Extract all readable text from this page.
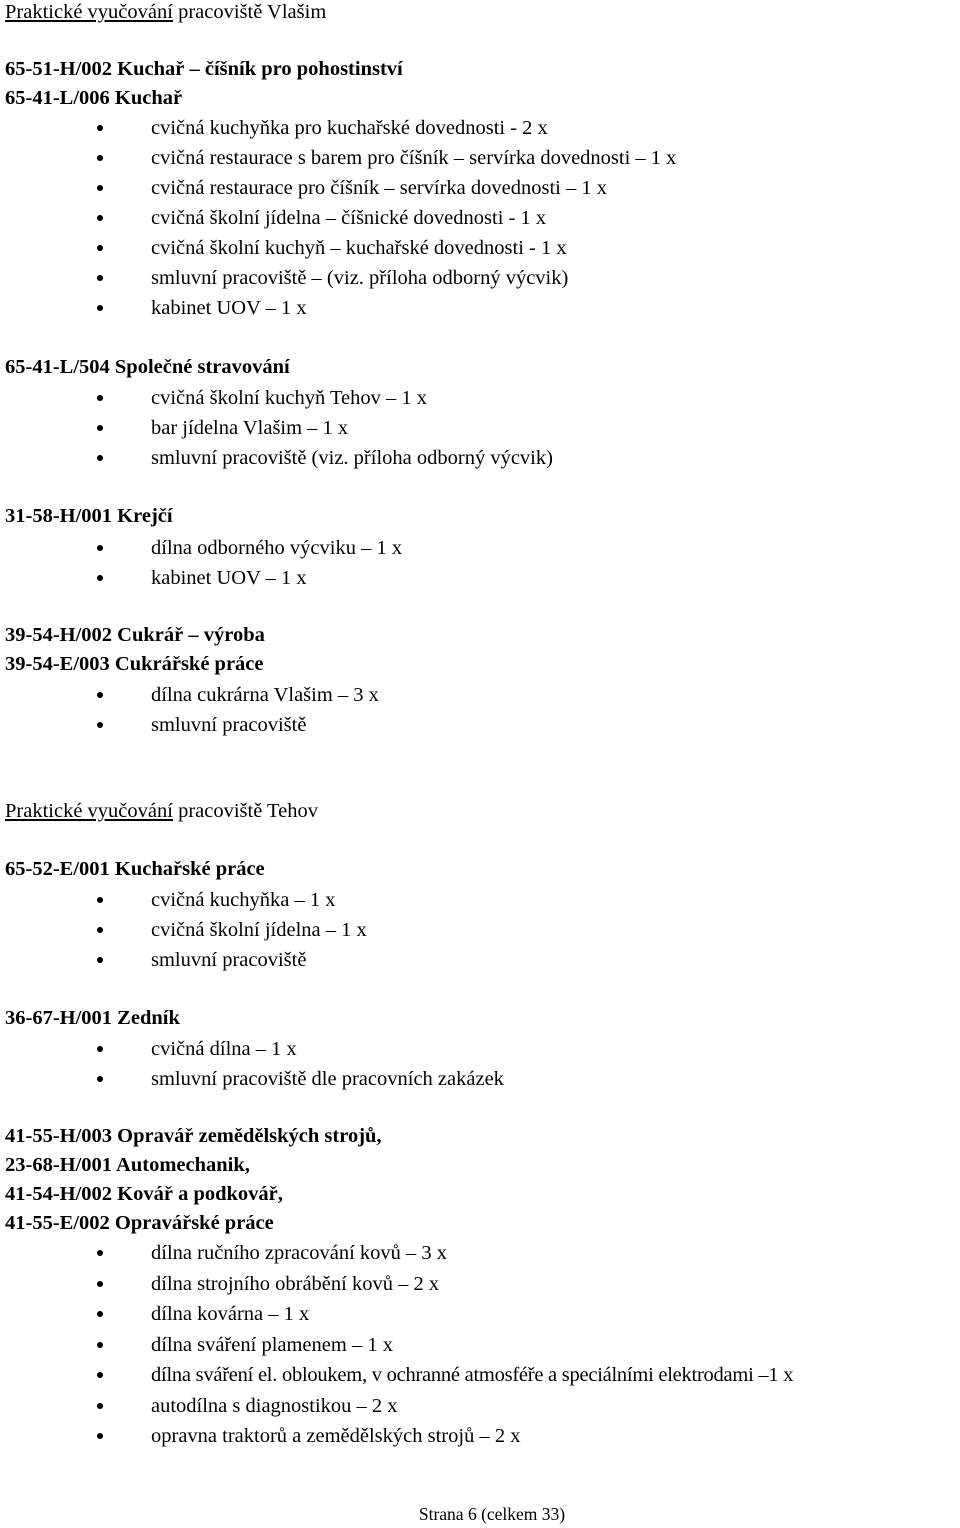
Praktické vyučování pracoviště Vlašim
65-51-H/002 Kuchař – číšník pro pohostinství
65-41-L/006 Kuchař
cvičná kuchyňka pro kuchařské dovednosti - 2 x
cvičná restaurace s barem pro číšník – servírka dovednosti – 1 x
cvičná restaurace pro číšník – servírka dovednosti – 1 x
cvičná školní jídelna – číšnické dovednosti - 1 x
cvičná školní kuchyň – kuchařské dovednosti - 1 x
smluvní pracoviště – (viz. příloha odborný výcvik)
kabinet UOV – 1 x
65-41-L/504 Společné stravování
cvičná školní kuchyň Tehov – 1 x
bar jídelna Vlašim – 1 x
smluvní pracoviště (viz. příloha odborný výcvik)
31-58-H/001 Krejčí
dílna odborného výcviku – 1 x
kabinet UOV – 1 x
39-54-H/002 Cukrář – výroba
39-54-E/003 Cukrářské práce
dílna cukrárna Vlašim – 3 x
smluvní pracoviště
Praktické vyučování pracoviště Tehov
65-52-E/001 Kuchařské práce
cvičná kuchyňka – 1 x
cvičná školní jídelna – 1 x
smluvní pracoviště
36-67-H/001 Zedník
cvičná dílna – 1 x
smluvní pracoviště dle pracovních zakázek
41-55-H/003 Opravář zemědělských strojů,
23-68-H/001 Automechanik,
41-54-H/002 Kovář a podkovář,
41-55-E/002 Opravářské práce
dílna ručního zpracování kovů – 3 x
dílna strojního obrábění kovů – 2 x
dílna kovárna – 1 x
dílna sváření plamenem – 1 x
dílna sváření el. obloukem, v ochranné atmosféře a speciálními elektrodami –1 x
autodílna s diagnostikou – 2 x
opravna traktorů a zemědělských strojů – 2 x
Strana 6 (celkem 33)
